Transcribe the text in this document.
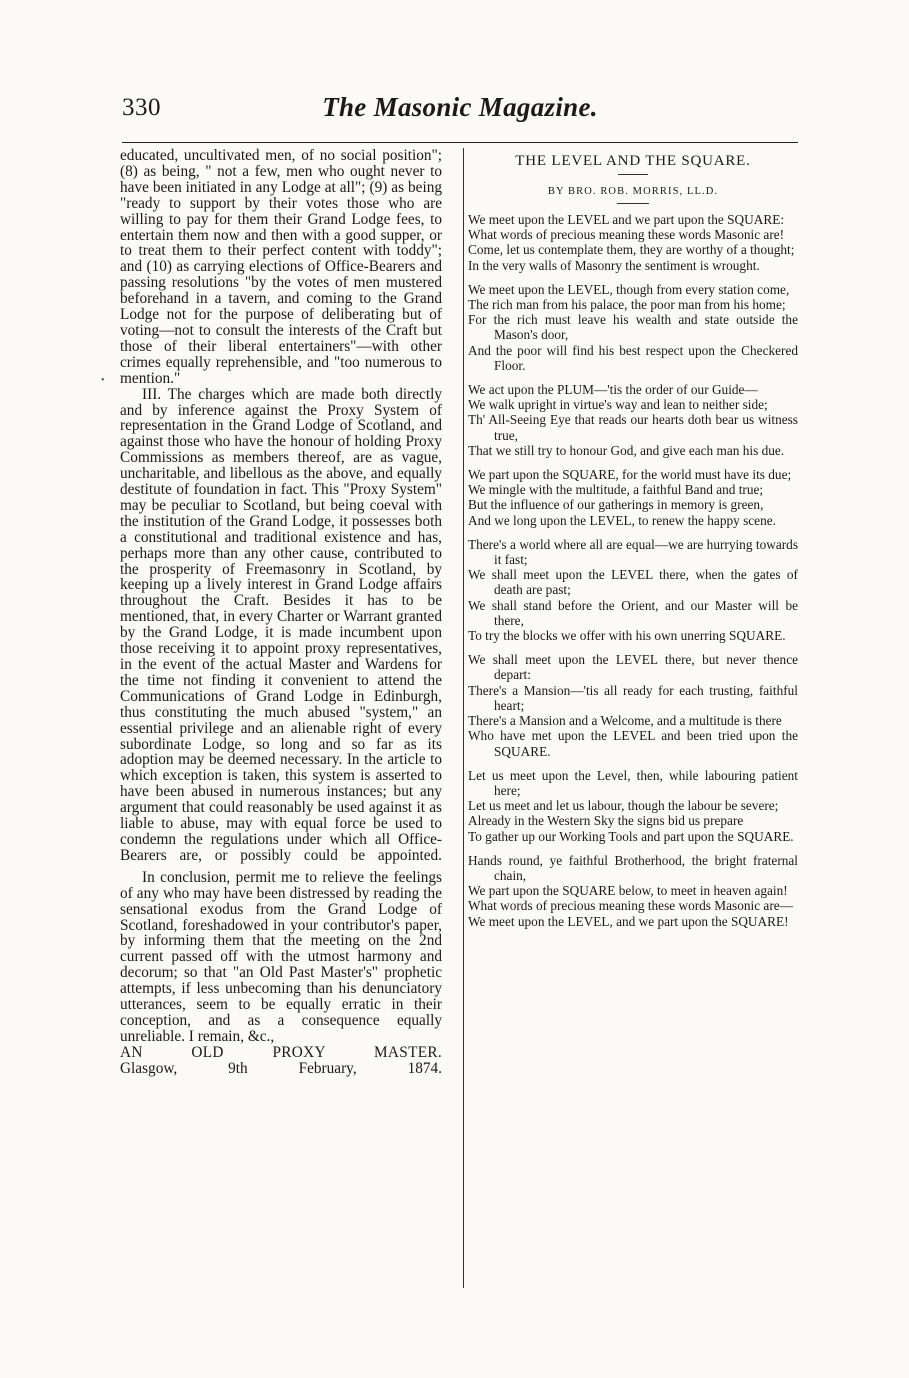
330	The Masonic Magazine.
•

educated, uncultivated men, of no social position"; (8) as being, " not a few, men who ought never to have been initiated in any Lodge at all"; (9) as being "ready to support by their votes those who are willing to pay for them their Grand Lodge fees, to entertain them now and then with a good supper, or to treat them to their perfect content with toddy"; and (10) as carrying elections of Office-Bearers and passing resolutions "by the votes of men mustered beforehand in a tavern, and coming to the Grand Lodge not for the purpose of deliberating but of voting—not to consult the interests of the Craft but those of their liberal entertainers"—with other crimes equally reprehensible, and "too numerous to mention."

III. The charges which are made both directly and by inference against the Proxy System of representation in the Grand Lodge of Scotland, and against those who have the honour of holding Proxy Commissions as members thereof, are as vague, uncharitable, and libellous as the above, and equally destitute of foundation in fact. This "Proxy System" may be peculiar to Scotland, but being coeval with the institution of the Grand Lodge, it possesses both a constitutional and traditional existence and has, perhaps more than any other cause, contributed to the prosperity of Freemasonry in Scotland, by keeping up a lively interest in Grand Lodge affairs throughout the Craft. Besides it has to be mentioned, that, in every Charter or Warrant granted by the Grand Lodge, it is made incumbent upon those receiving it to appoint proxy representatives, in the event of the actual Master and Wardens for the time not finding it convenient to attend the Communications of Grand Lodge in Edinburgh, thus constituting the much abused "system," an essential privilege and an alienable right of every subordinate Lodge, so long and so far as its adoption may be deemed necessary. In the article to which exception is taken, this system is asserted to have been abused in numerous instances; but any argument that could reasonably be used against it as liable to abuse, may with equal force be used to condemn the regulations under which all Office-Bearers are, or possibly could be appointed.

In conclusion, permit me to relieve the feelings of any who may have been distressed by reading the sensational exodus from the Grand Lodge of Scotland, foreshadowed in your contributor's paper, by informing them that the meeting on the 2nd current passed off with the utmost harmony and decorum; so that "an Old Past Master's" prophetic attempts, if less unbecoming than his denunciatory utterances, seem to be equally erratic in their conception, and as a consequence equally unreliable. I remain, &c.,

AN OLD PROXY MASTER.
Glasgow, 9th February, 1874.
THE LEVEL AND THE SQUARE.
BY BRO. ROB. MORRIS, LL.D.
We meet upon the LEVEL and we part upon the SQUARE:
What words of precious meaning these words Masonic are!
Come, let us contemplate them, they are worthy of a thought;
In the very walls of Masonry the sentiment is wrought.
We meet upon the LEVEL, though from every station come,
The rich man from his palace, the poor man from his home;
For the rich must leave his wealth and state outside the Mason's door,
And the poor will find his best respect upon the Checkered Floor.
We act upon the PLUM—'tis the order of our Guide—
We walk upright in virtue's way and lean to neither side;
Th' All-Seeing Eye that reads our hearts doth bear us witness true,
That we still try to honour God, and give each man his due.
We part upon the SQUARE, for the world must have its due;
We mingle with the multitude, a faithful Band and true;
But the influence of our gatherings in memory is green,
And we long upon the LEVEL, to renew the happy scene.
There's a world where all are equal—we are hurrying towards it fast;
We shall meet upon the LEVEL there, when the gates of death are past;
We shall stand before the Orient, and our Master will be there,
To try the blocks we offer with his own unerring SQUARE.
We shall meet upon the LEVEL there, but never thence depart:
There's a Mansion—'tis all ready for each trusting, faithful heart;
There's a Mansion and a Welcome, and a multitude is there
Who have met upon the LEVEL and been tried upon the SQUARE.
Let us meet upon the Level, then, while labouring patient here;
Let us meet and let us labour, though the labour be severe;
Already in the Western Sky the signs bid us prepare
To gather up our Working Tools and part upon the SQUARE.
Hands round, ye faithful Brotherhood, the bright fraternal chain,
We part upon the SQUARE below, to meet in heaven again!
What words of precious meaning these words Masonic are—
We meet upon the LEVEL, and we part upon the SQUARE!
